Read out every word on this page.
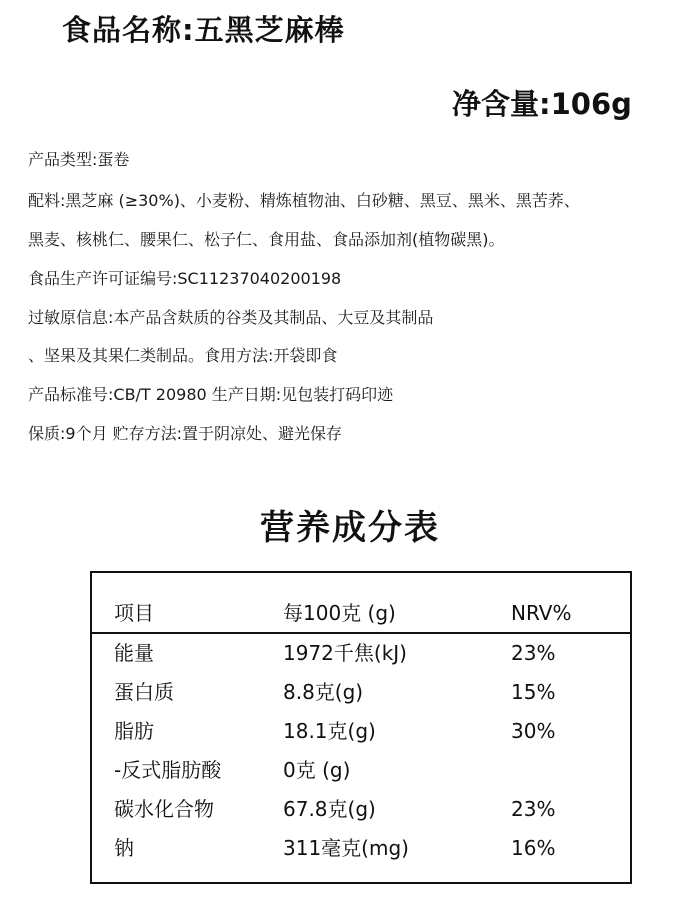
食品名称:五黑芝麻棒
净含量:106g
产品类型:蛋卷
配料:黑芝麻 (≥30%)、小麦粉、精炼植物油、白砂糖、黑豆、黑米、黑苦荞、
黑麦、核桃仁、腰果仁、松子仁、食用盐、食品添加剂(植物碳黑)。
食品生产许可证编号:SC11237040200198
过敏原信息:本产品含麸质的谷类及其制品、大豆及其制品
、坚果及其果仁类制品。食用方法:开袋即食
产品标准号:CB/T 20980 生产日期:见包装打码印迹
保质:9个月 贮存方法:置于阴凉处、避光保存
营养成分表
项目	每100克 (g)	NRV%
能量	1972千焦(kJ)	23%
蛋白质	8.8克(g)	15%
脂肪	18.1克(g)	30%
-反式脂肪酸	0克 (g)
碳水化合物	67.8克(g)	23%
钠	311毫克(mg)	16%
